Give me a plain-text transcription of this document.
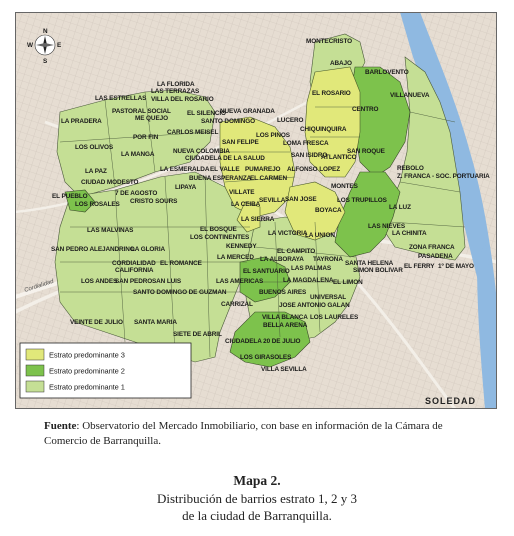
N
S
W	E
MONTECRISTO
ABAJO
BARLOVENTO
LA FLORIDA
LAS TERRAZAS
LAS ESTRELLAS VILLA DEL ROSARIO
EL ROSARIO	VILLANUEVA
NUEVA GRANADA
EL SILENCIO
PASTORAL SOCIAL
ME QUEJO	SANTO DOMINGO	LUCERO
CENTRO
LA PRADERA
CARLOS MEISEL	LOS PINOS
CHIQUINQUIRA
POR FIN
SAN FELIPE	LOMA FRESCA
SAN ROQUE
LOS OLIVOS
LA MANGA	NUEVA COLOMBIA
SAN ISIDRO
ATLANTICO
CIUDADELA DE LA SALUD
REBOLO
Z. FRANCA - SOC. PORTUARIA
LA PAZ	LA ESMERALDA EL VALLE PUMAREJO ALFONSO LOPEZ
CIUDAD MODESTO
BUENA ESPERANZA
EL CARMEN
MONTES
7 DE AGOSTO
LIPAYA
EL PUEBLO
CRISTO SOURS
LOS ROSALES
VILLATE
SAN JOSE	LOS TRUPILLOS
LA CEIBA
SEVILLA
BOYACA	LA LUZ
LA SIERRA
LAS NIEVES
EL BOSQUE
LOS CONTINENTES
LA VICTORIA
LA UNION	LA CHINITA
LAS MALVINAS
KENNEDY
EL CAMPITO
ZONA FRANCA
SAN PEDRO ALEJANDRINO
LA GLORIA
LA ALBORAYA	PASADENA
CORDIALIDAD EL ROMANCE
LA MERCED	TAYRONA
SANTA HELENA EL FERRY 1º DE MAYO
CALIFORNIA	EL SANTUARIO LAS PALMAS	SIMON BOLIVAR
LOS ANDES
SAN PEDRO SAN LUIS	LA MAGDALENA EL LIMON
SANTO DOMINGO DE GUZMAN
LAS AMERICAS
BUENOS AIRES
UNIVERSAL
CARRIZAL	JOSE ANTONIO GALAN
VEINTE DE JULIO SANTA MARIA
VILLA BLANCA LOS LAURELES
BELLA ARENA
SIETE DE ABRIL
CIUDADELA 20 DE JULIO
LOS GIRASOLES
VILLA SEVILLA
Cordialidad
SOLEDAD
Estrato predominante 3
Estrato predominante 2
Estrato predominante 1
Fuente: Observatorio del Mercado Inmobiliario, con base en información de la Cámara de Comercio de Barranquilla.
Mapa 2.
Distribución de barrios estrato 1, 2 y 3
de la ciudad de Barranquilla.
